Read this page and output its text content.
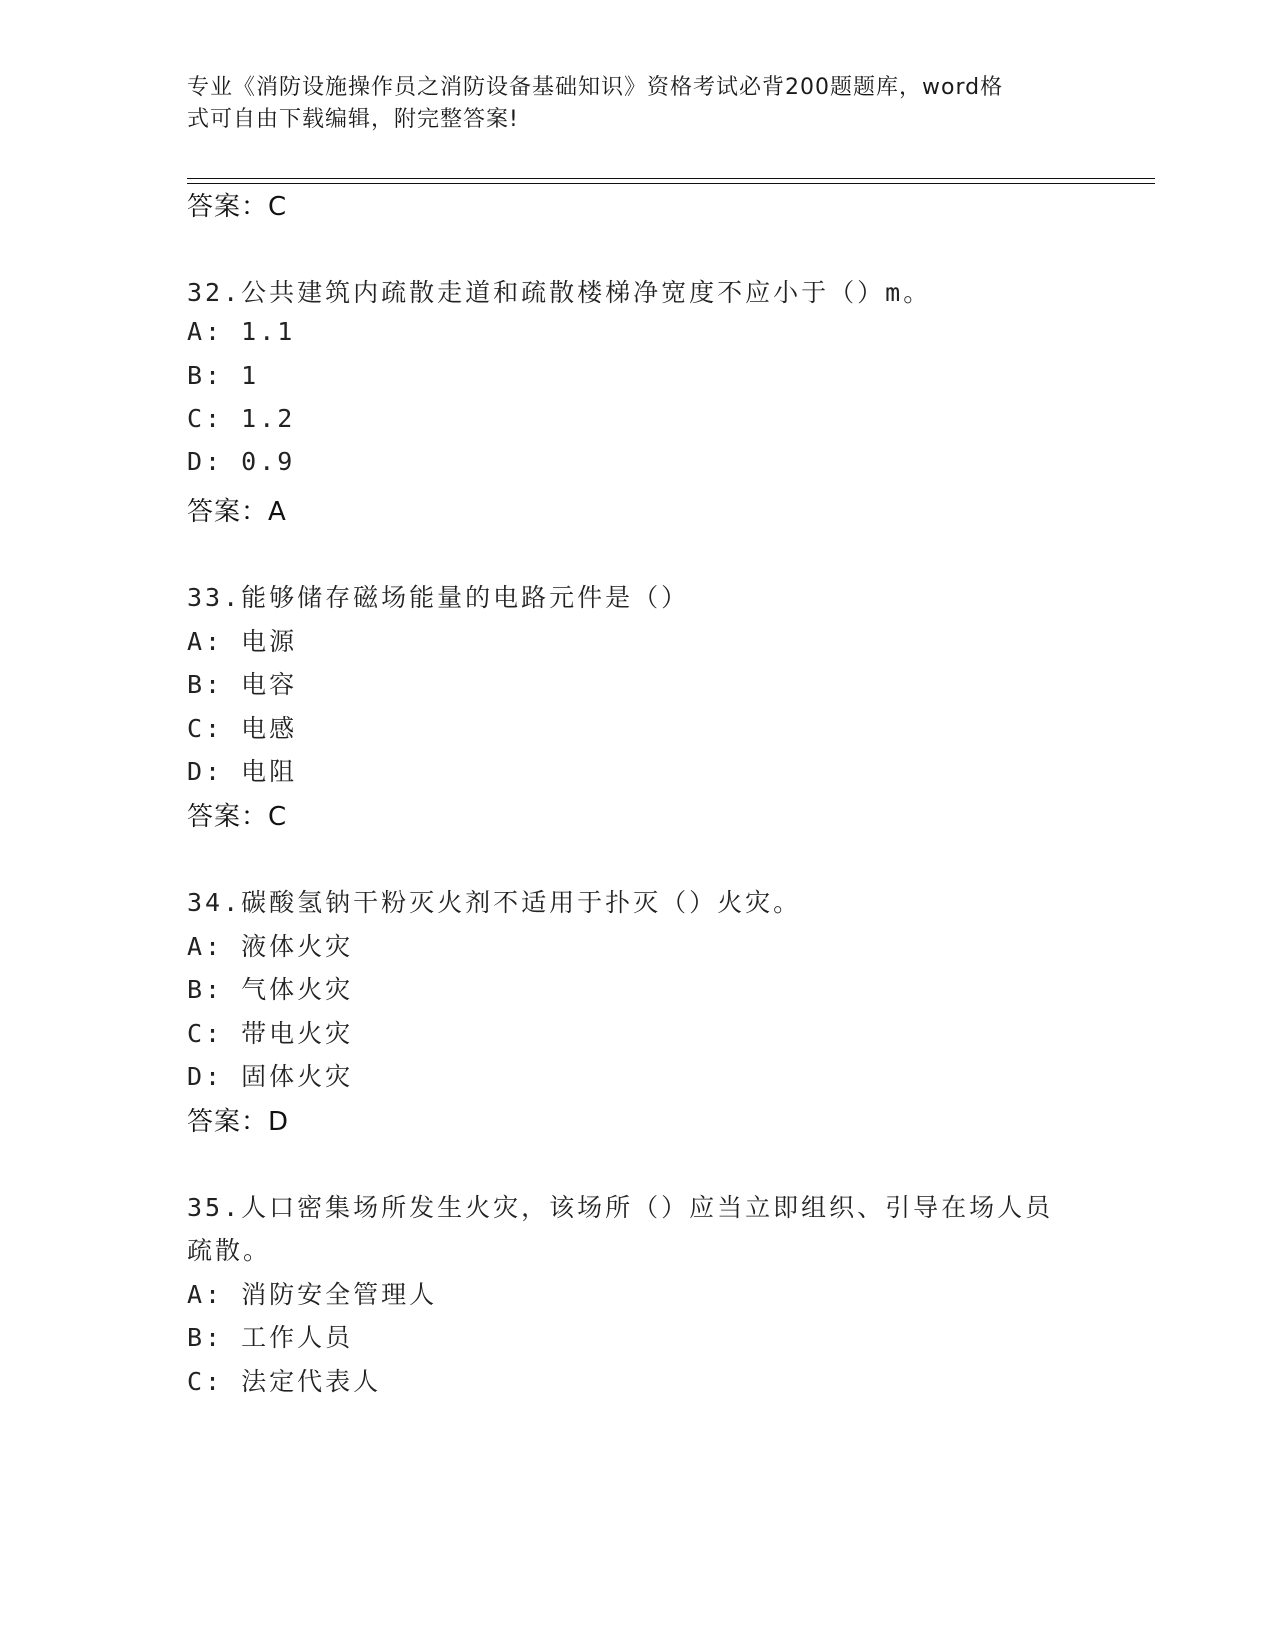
专业《消防设施操作员之消防设备基础知识》资格考试必背200题题库，word格
式可自由下载编辑，附完整答案!
答案：C
32.公共建筑内疏散走道和疏散楼梯净宽度不应小于（）m。
A: 1.1
B: 1
C: 1.2
D: 0.9
答案：A
33.能够储存磁场能量的电路元件是（）
A: 电源
B: 电容
C: 电感
D: 电阻
答案：C
34.碳酸氢钠干粉灭火剂不适用于扑灭（）火灾。
A: 液体火灾
B: 气体火灾
C: 带电火灾
D: 固体火灾
答案：D
35.人口密集场所发生火灾，该场所（）应当立即组织、引导在场人员
疏散。
A: 消防安全管理人
B: 工作人员
C: 法定代表人
